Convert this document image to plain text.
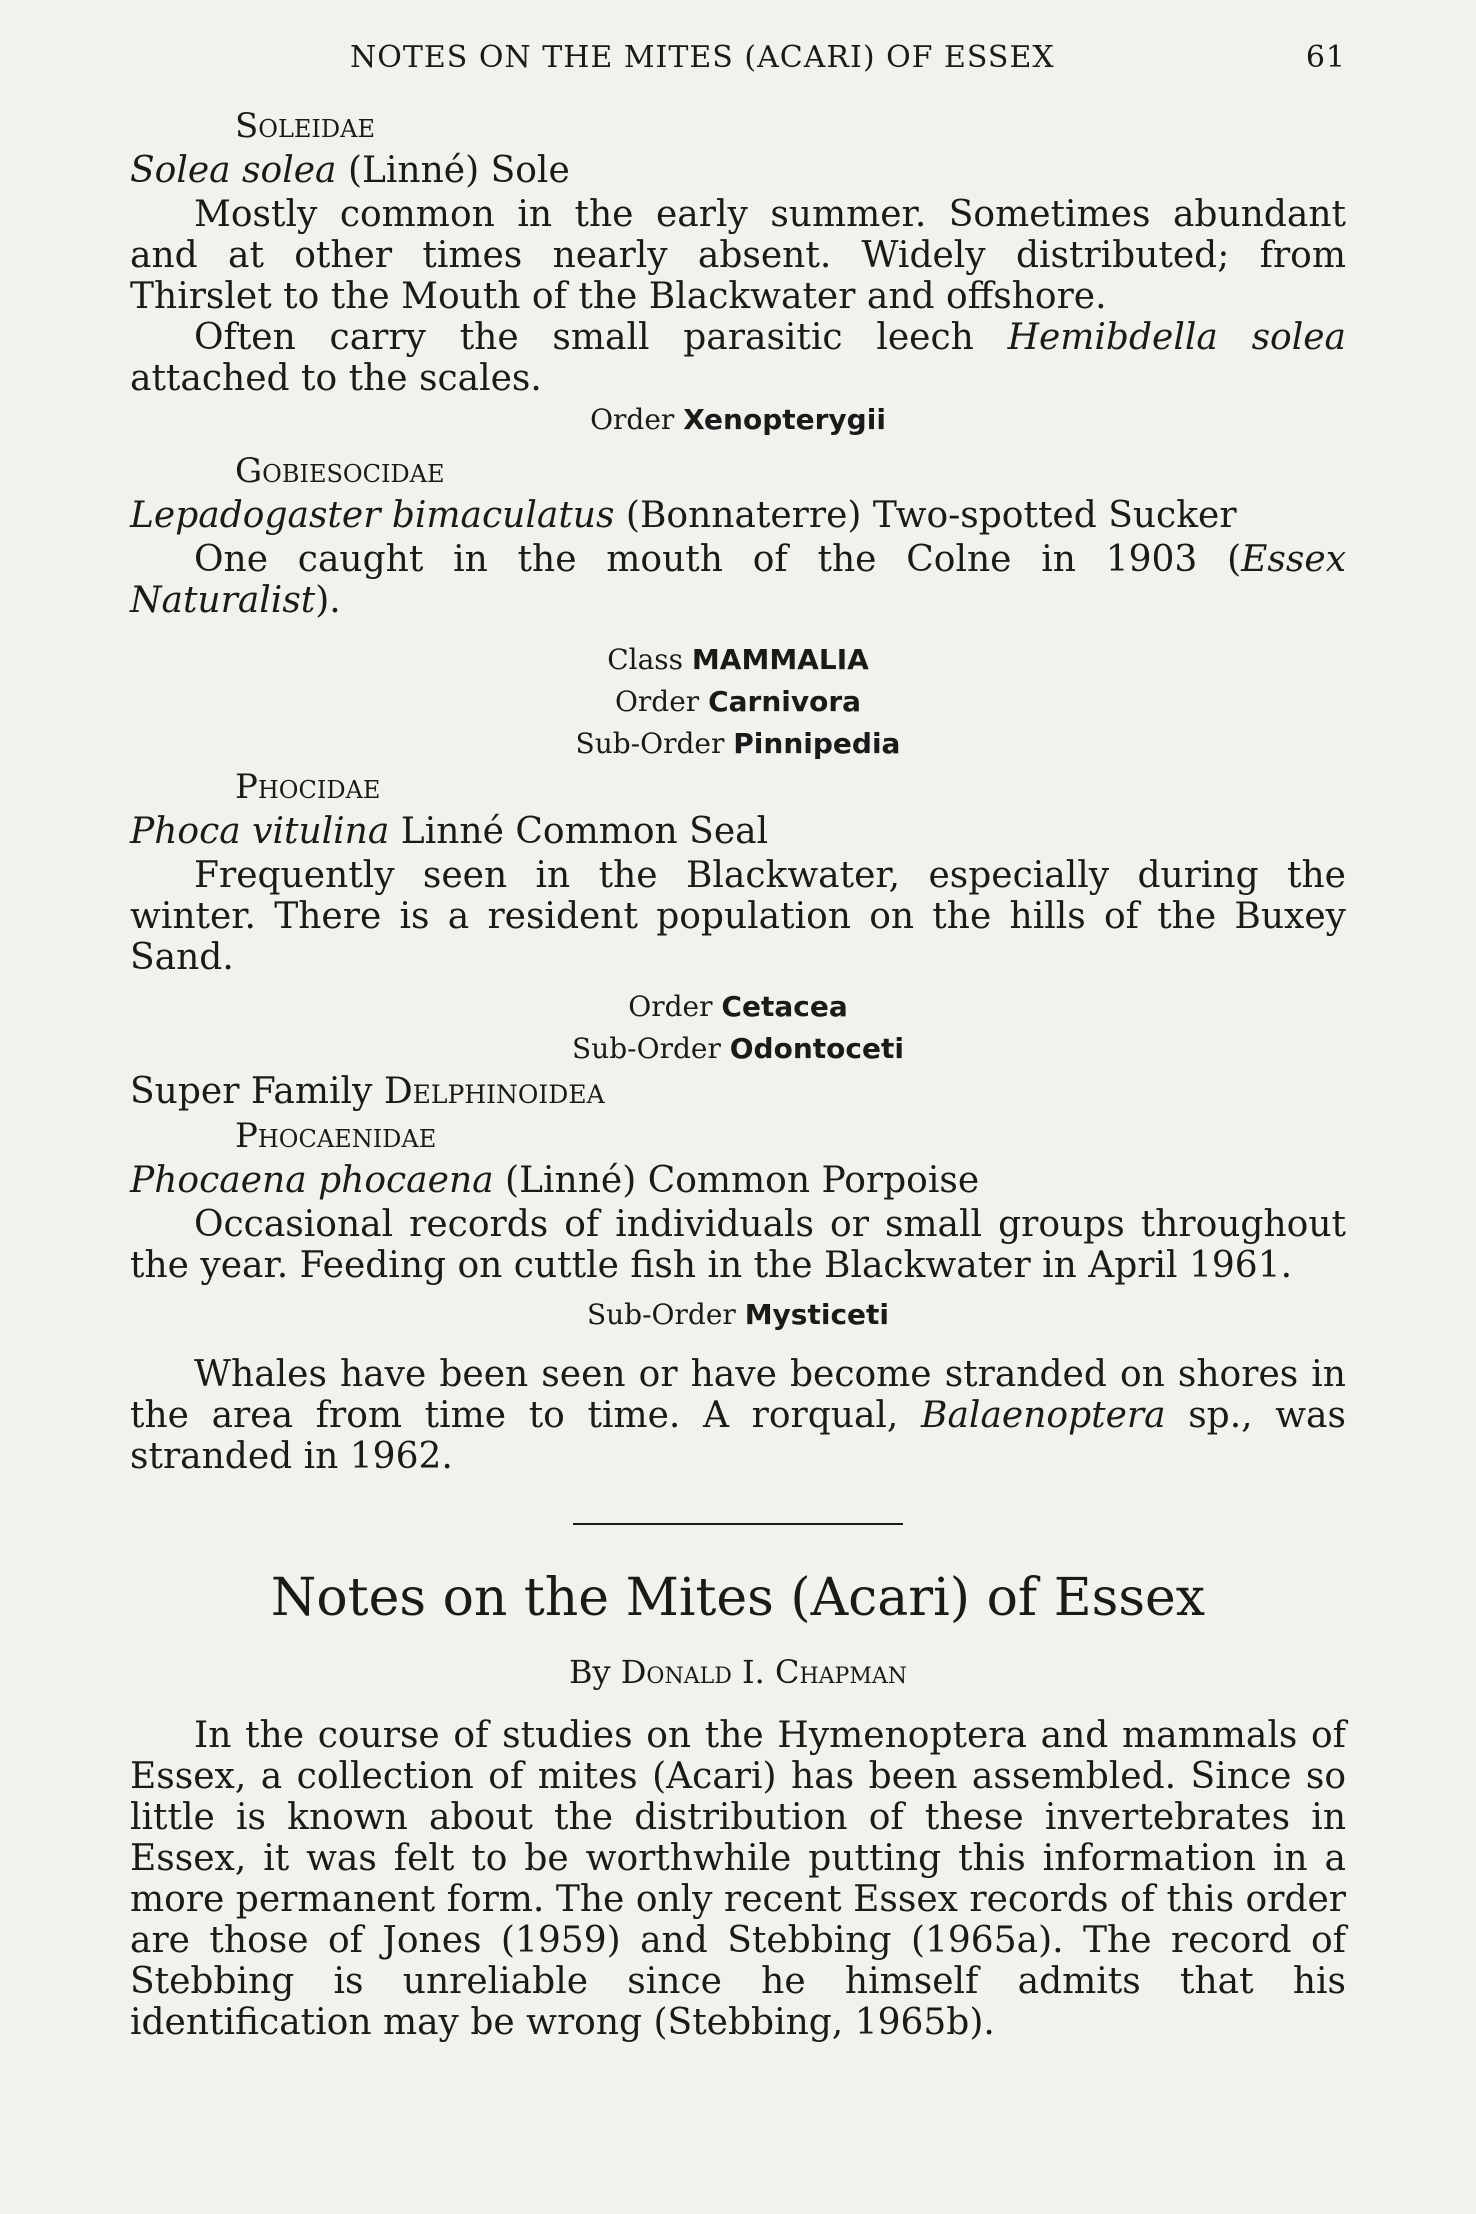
NOTES ON THE MITES (ACARI) OF ESSEX	61
Soleidae
Solea solea (Linné) Sole

Mostly common in the early summer. Sometimes abundant and at other times nearly absent. Widely distributed; from Thirslet to the Mouth of the Blackwater and offshore.

Often carry the small parasitic leech Hemibdella solea attached to the scales.

Order Xenopterygii
Gobiesocidae
Lepadogaster bimaculatus (Bonnaterre) Two-spotted Sucker

One caught in the mouth of the Colne in 1903 (Essex Naturalist).

Class MAMMALIA
Order Carnivora
Sub-Order Pinnipedia
Phocidae
Phoca vitulina Linné Common Seal

Frequently seen in the Blackwater, especially during the winter. There is a resident population on the hills of the Buxey Sand.

Order Cetacea
Sub-Order Odontoceti
Super Family Delphinoidea
Phocaenidae
Phocaena phocaena (Linné) Common Porpoise

Occasional records of individuals or small groups throughout the year. Feeding on cuttle fish in the Blackwater in April 1961.

Sub-Order Mysticeti

Whales have been seen or have become stranded on shores in the area from time to time. A rorqual, Balaenoptera sp., was stranded in 1962.

Notes on the Mites (Acari) of Essex
By Donald I. Chapman

In the course of studies on the Hymenoptera and mammals of Essex, a collection of mites (Acari) has been assembled. Since so little is known about the distribution of these invertebrates in Essex, it was felt to be worthwhile putting this information in a more permanent form. The only recent Essex records of this order are those of Jones (1959) and Stebbing (1965a). The record of Stebbing is unreliable since he himself admits that his identification may be wrong (Stebbing, 1965b).
